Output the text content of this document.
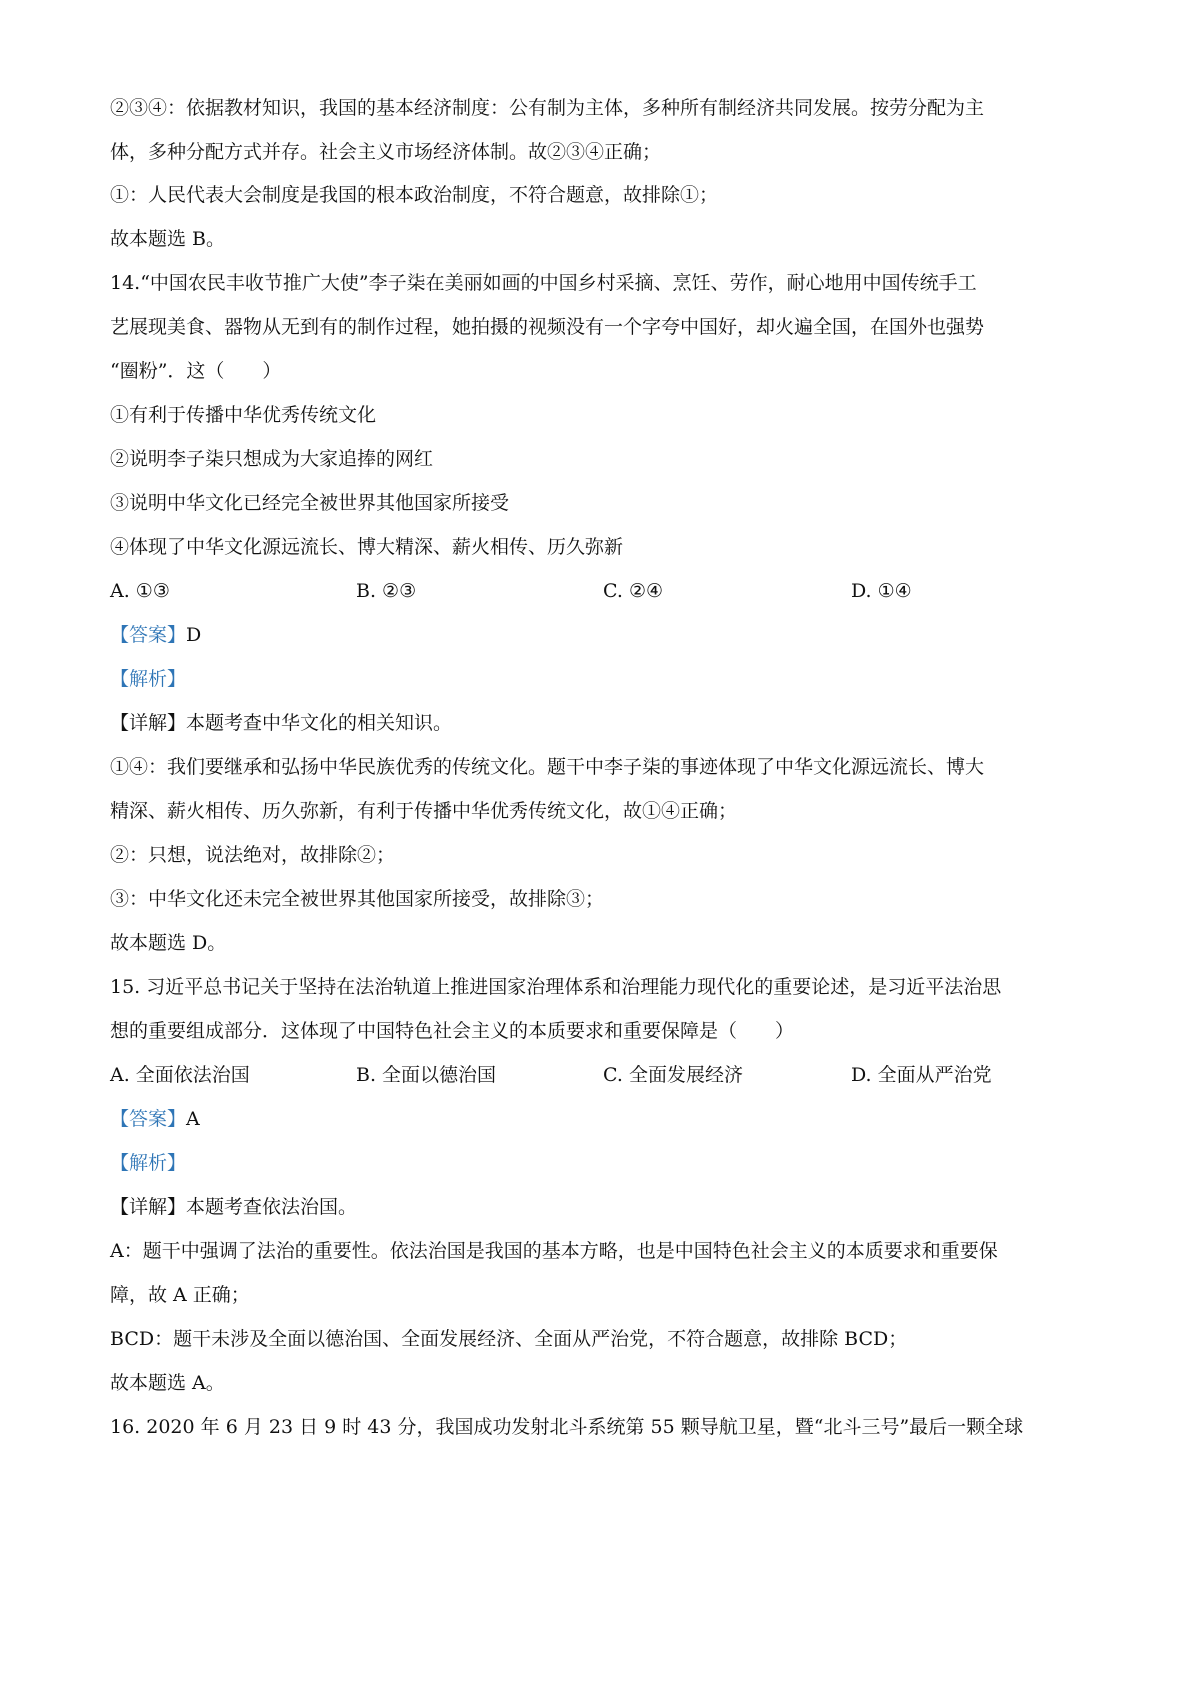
②③④：依据教材知识，我国的基本经济制度：公有制为主体，多种所有制经济共同发展。按劳分配为主
体，多种分配方式并存。社会主义市场经济体制。故②③④正确；
①：人民代表大会制度是我国的根本政治制度，不符合题意，故排除①；
故本题选 B。
14.“中国农民丰收节推广大使”李子柒在美丽如画的中国乡村采摘、烹饪、劳作，耐心地用中国传统手工
艺展现美食、器物从无到有的制作过程，她拍摄的视频没有一个字夸中国好，却火遍全国，在国外也强势
“圈粉”．这（　　）
①有利于传播中华优秀传统文化
②说明李子柒只想成为大家追捧的网红
③说明中华文化已经完全被世界其他国家所接受
④体现了中华文化源远流长、博大精深、薪火相传、历久弥新
A. ①③	B. ②③	C. ②④	D. ①④
【答案】D
【解析】
【详解】本题考查中华文化的相关知识。
①④：我们要继承和弘扬中华民族优秀的传统文化。题干中李子柒的事迹体现了中华文化源远流长、博大
精深、薪火相传、历久弥新，有利于传播中华优秀传统文化，故①④正确；
②：只想，说法绝对，故排除②；
③：中华文化还未完全被世界其他国家所接受，故排除③；
故本题选 D。
15. 习近平总书记关于坚持在法治轨道上推进国家治理体系和治理能力现代化的重要论述，是习近平法治思
想的重要组成部分．这体现了中国特色社会主义的本质要求和重要保障是（　　）
A. 全面依法治国	B. 全面以德治国	C. 全面发展经济	D. 全面从严治党
【答案】A
【解析】
【详解】本题考查依法治国。
A：题干中强调了法治的重要性。依法治国是我国的基本方略，也是中国特色社会主义的本质要求和重要保
障，故 A 正确；
BCD：题干未涉及全面以德治国、全面发展经济、全面从严治党，不符合题意，故排除 BCD；
故本题选 A。
16. 2020 年 6 月 23 日 9 时 43 分，我国成功发射北斗系统第 55 颗导航卫星，暨“北斗三号”最后一颗全球
